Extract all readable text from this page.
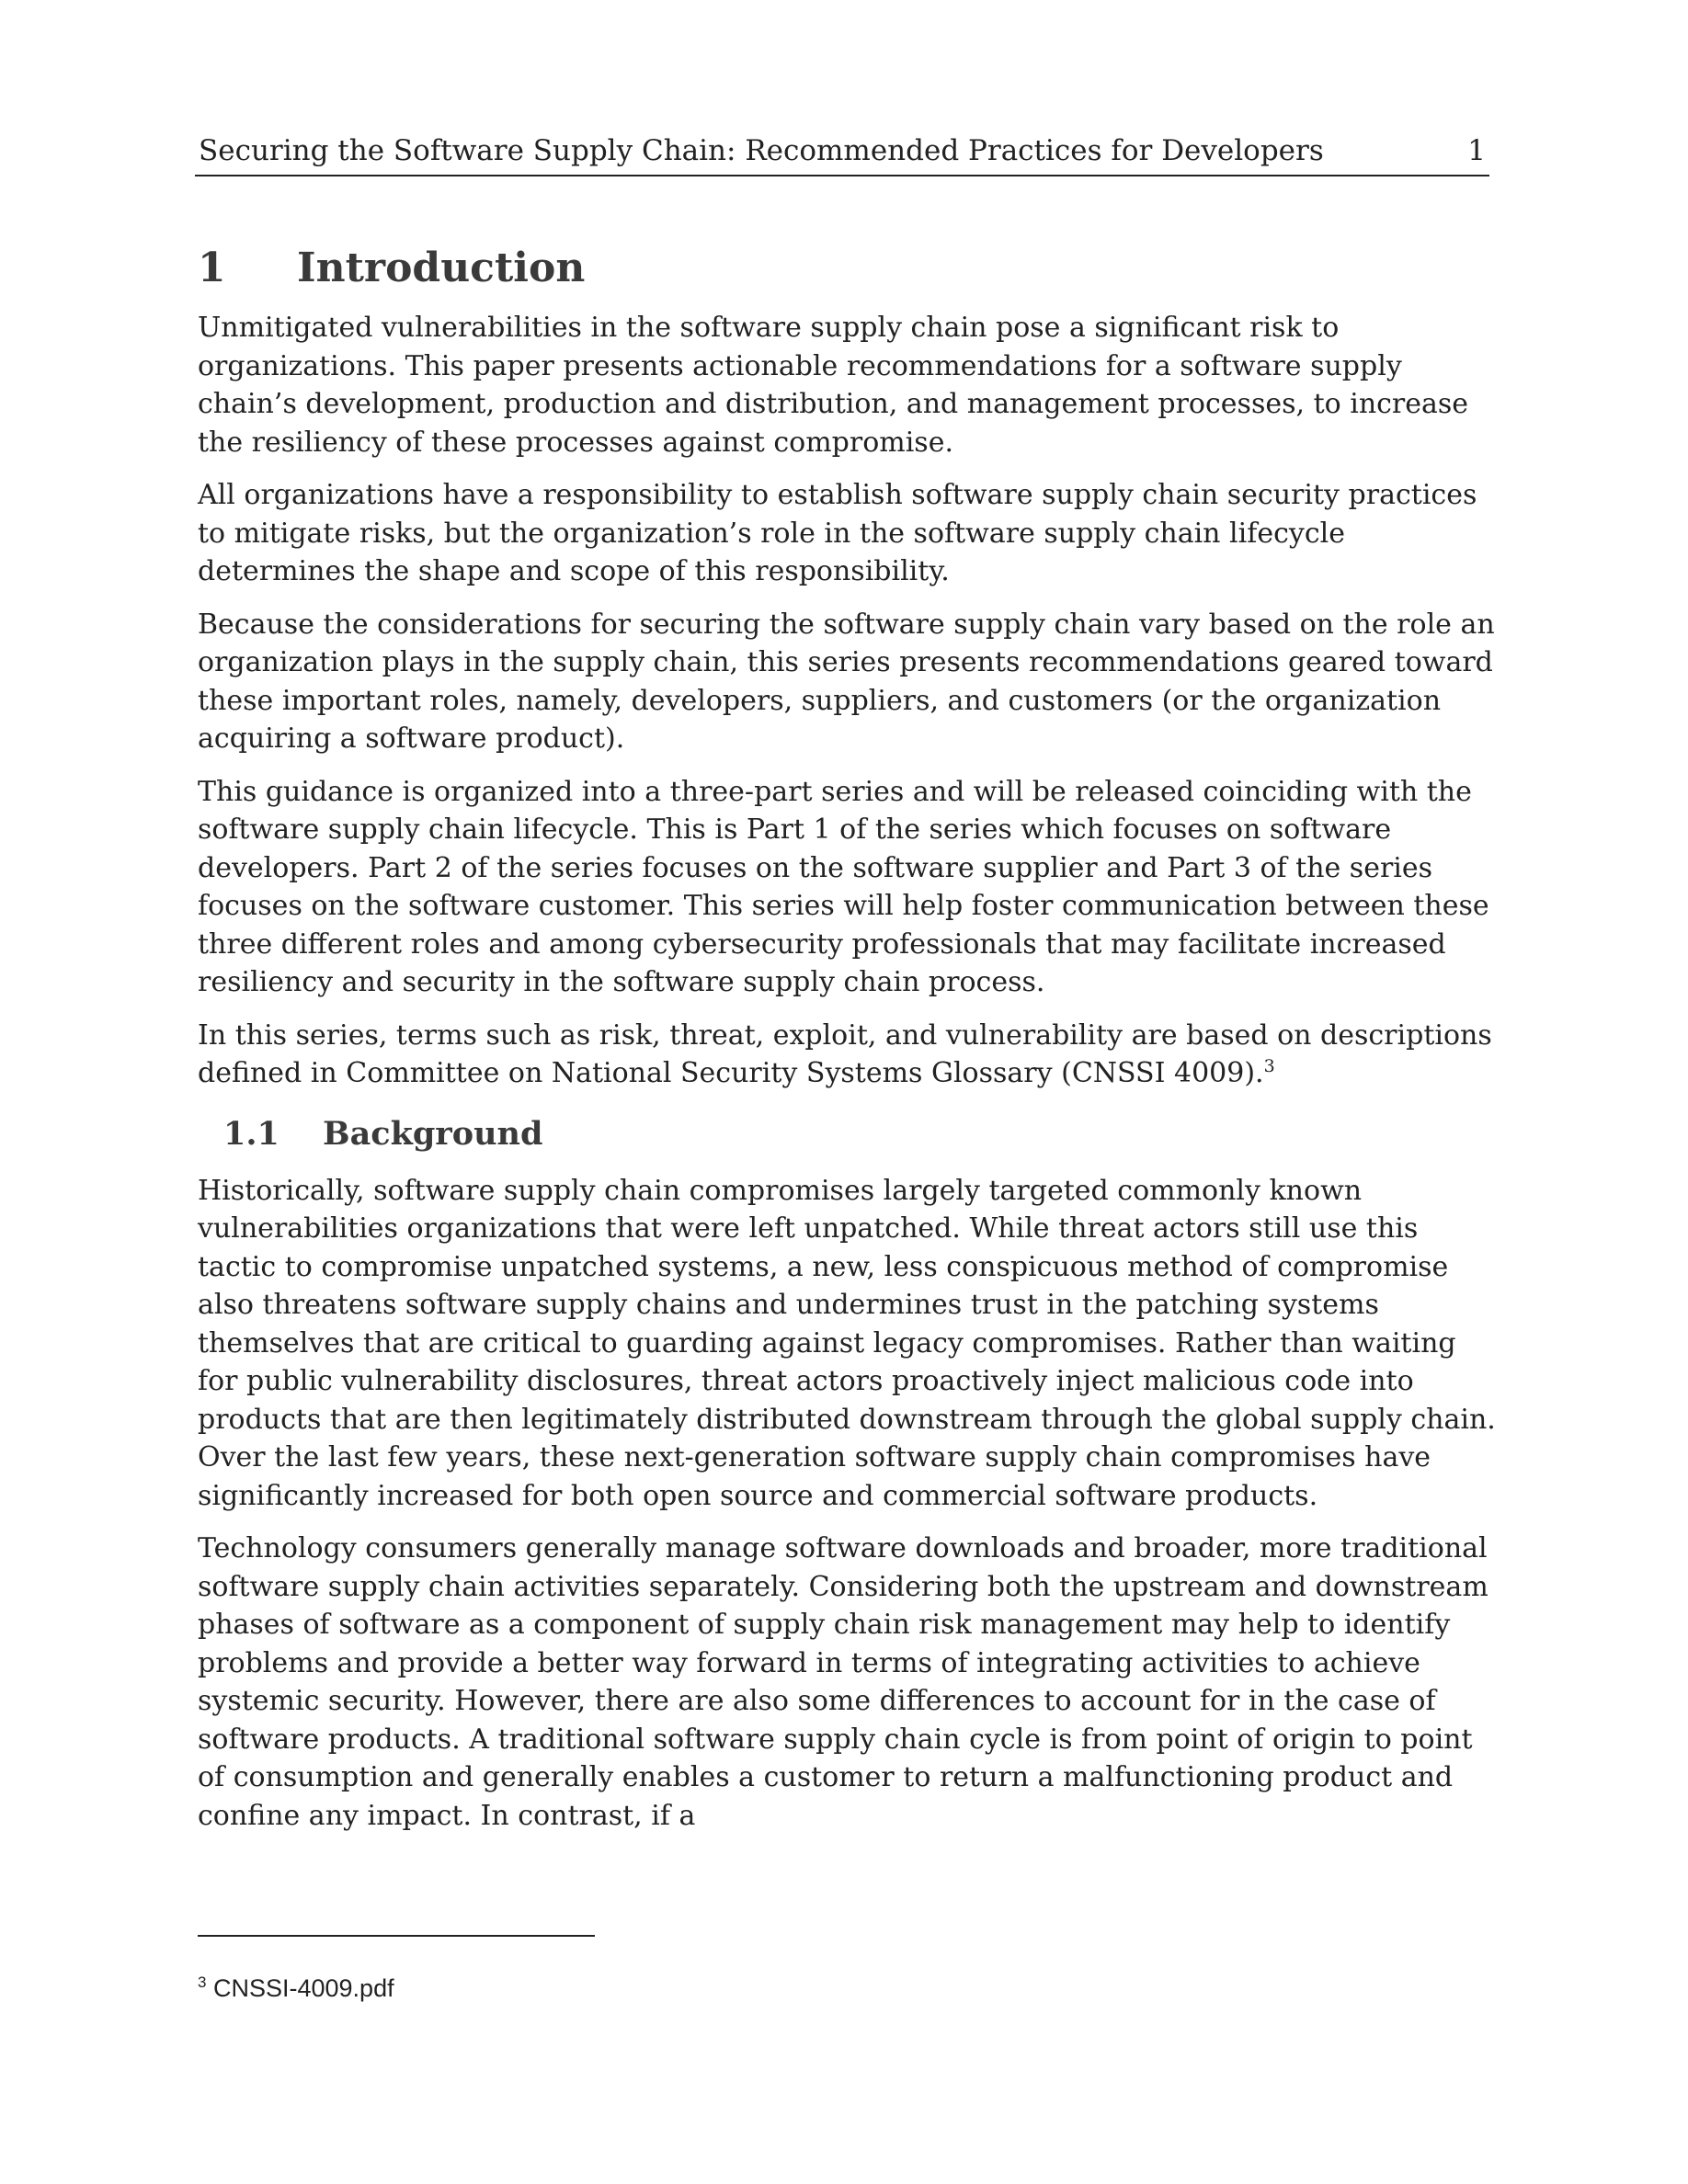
Securing the Software Supply Chain: Recommended Practices for Developers	1
1	Introduction

Unmitigated vulnerabilities in the software supply chain pose a significant risk to organizations. This paper presents actionable recommendations for a software supply chain’s development, production and distribution, and management processes, to increase the resiliency of these processes against compromise.

All organizations have a responsibility to establish software supply chain security practices to mitigate risks, but the organization’s role in the software supply chain lifecycle determines the shape and scope of this responsibility.

Because the considerations for securing the software supply chain vary based on the role an organization plays in the supply chain, this series presents recommendations geared toward these important roles, namely, developers, suppliers, and customers (or the organization acquiring a software product).

This guidance is organized into a three-part series and will be released coinciding with the software supply chain lifecycle. This is Part 1 of the series which focuses on software developers. Part 2 of the series focuses on the software supplier and Part 3 of the series focuses on the software customer. This series will help foster communication between these three different roles and among cybersecurity professionals that may facilitate increased resiliency and security in the software supply chain process.

In this series, terms such as risk, threat, exploit, and vulnerability are based on descriptions defined in Committee on National Security Systems Glossary (CNSSI 4009).$^3$

1.1	Background

Historically, software supply chain compromises largely targeted commonly known vulnerabilities organizations that were left unpatched. While threat actors still use this tactic to compromise unpatched systems, a new, less conspicuous method of compromise also threatens software supply chains and undermines trust in the patching systems themselves that are critical to guarding against legacy compromises. Rather than waiting for public vulnerability disclosures, threat actors proactively inject malicious code into products that are then legitimately distributed downstream through the global supply chain. Over the last few years, these next-generation software supply chain compromises have significantly increased for both open source and commercial software products.

Technology consumers generally manage software downloads and broader, more traditional software supply chain activities separately. Considering both the upstream and downstream phases of software as a component of supply chain risk management may help to identify problems and provide a better way forward in terms of integrating activities to achieve systemic security. However, there are also some differences to account for in the case of software products. A traditional software supply chain cycle is from point of origin to point of consumption and generally enables a customer to return a malfunctioning product and confine any impact. In contrast, if a

$^3$ CNSSI-4009.pdf
